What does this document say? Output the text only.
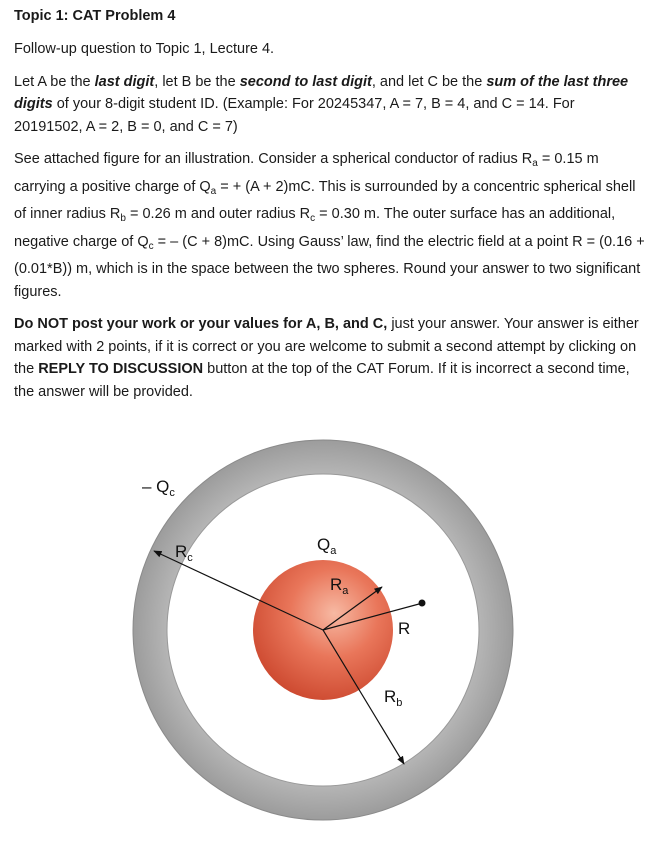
Topic 1: CAT Problem 4

Follow-up question to Topic 1, Lecture 4.

Let A be the last digit, let B be the second to last digit, and let C be the sum of the last three digits of your 8-digit student ID. (Example: For 20245347, A = 7, B = 4, and C = 14. For 20191502, A = 2, B = 0, and C = 7)

See attached figure for an illustration. Consider a spherical conductor of radius $R_a = 0.15$ m carrying a positive charge of $Q_a$ = + (A + 2)mC. This is surrounded by a concentric spherical shell of inner radius $R_b = 0.26$ m and outer radius $R_c = 0.30$ m. The outer surface has an additional, negative charge of $Q_c$ = – (C + 8)mC. Using Gauss’ law, find the electric field at a point R = (0.16 + (0.01*B)) m, which is in the space between the two spheres. Round your answer to two significant figures.

Do NOT post your work or your values for A, B, and C, just your answer. Your answer is either marked with 2 points, if it is correct or you are welcome to submit a second attempt by clicking on the REPLY TO DISCUSSION button at the top of the CAT Forum. If it is incorrect a second time, the answer will be provided.

– $Q_c$
$R_c$
$Q_a$
$R_a$
R
$R_b$
